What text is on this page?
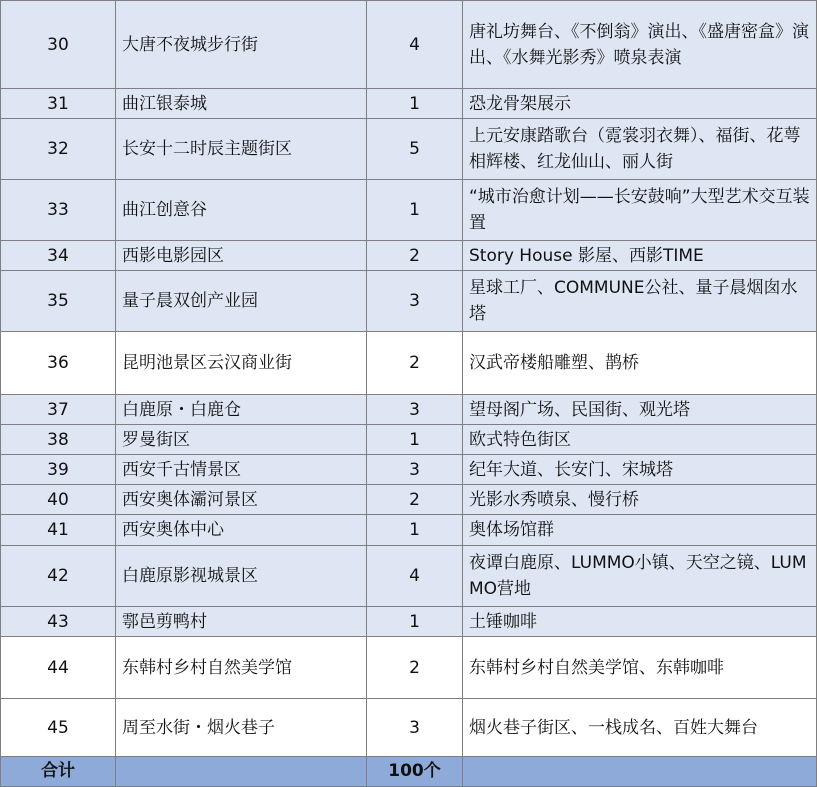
30	大唐不夜城步行街	4	唐礼坊舞台、《不倒翁》演出、《盛唐密盒》演出、《水舞光影秀》喷泉表演
31	曲江银泰城	1	恐龙骨架展示
32	长安十二时辰主题街区	5	上元安康踏歌台（霓裳羽衣舞）、福街、花萼相辉楼、红龙仙山、丽人街
33	曲江创意谷	1	“城市治愈计划——长安鼓响”大型艺术交互装置
34	西影电影园区	2	Story House 影屋、西影TIME
35	量子晨双创产业园	3	星球工厂、COMMUNE公社、量子晨烟囱水塔
36	昆明池景区云汉商业街	2	汉武帝楼船雕塑、鹊桥
37	白鹿原・白鹿仓	3	望母阁广场、民国街、观光塔
38	罗曼街区	1	欧式特色街区
39	西安千古情景区	3	纪年大道、长安门、宋城塔
40	西安奥体灞河景区	2	光影水秀喷泉、慢行桥
41	西安奥体中心	1	奥体场馆群
42	白鹿原影视城景区	4	夜谭白鹿原、LUMMO小镇、天空之镜、LUMMO营地
43	鄠邑剪鸭村	1	土锤咖啡
44	东韩村乡村自然美学馆	2	东韩村乡村自然美学馆、东韩咖啡
45	周至水街・烟火巷子	3	烟火巷子街区、一栈成名、百姓大舞台
合计		100个	
